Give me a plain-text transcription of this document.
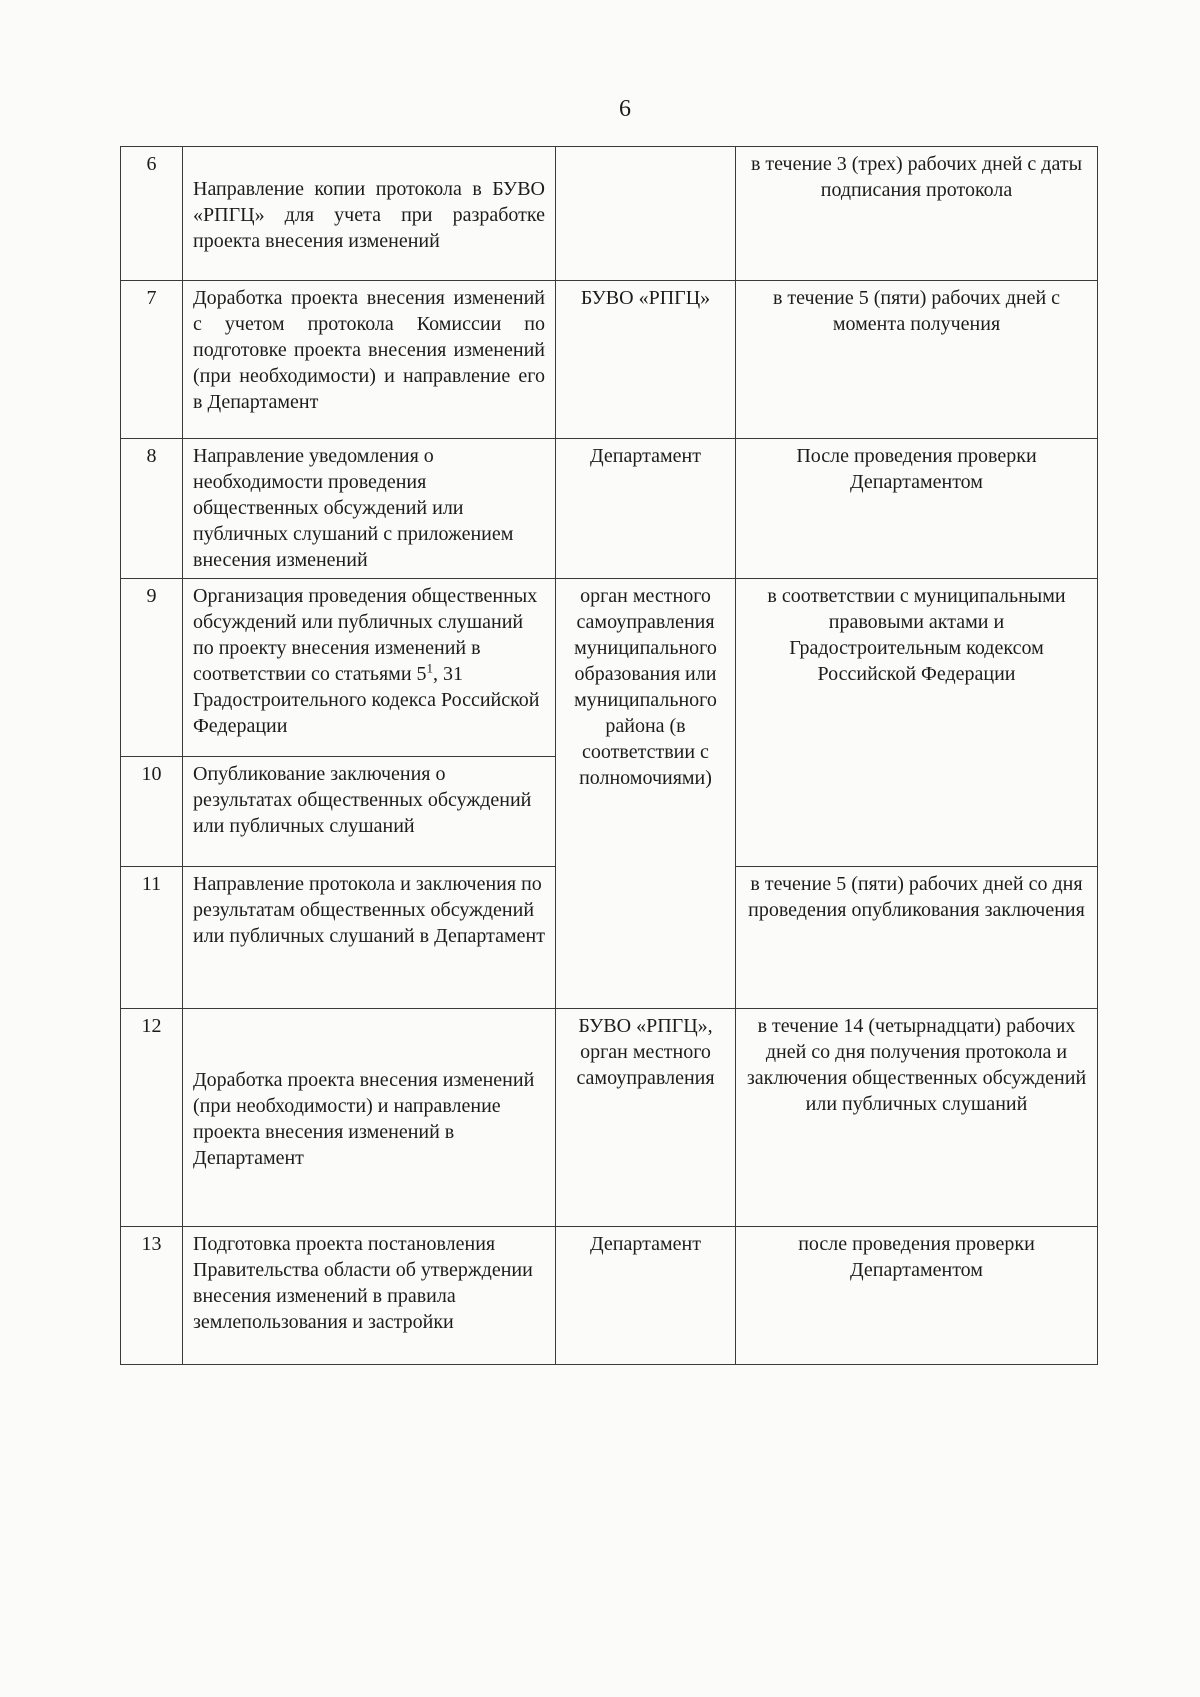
6
6	Направление копии протокола в БУВО «РПГЦ» для учета при разработке проекта внесения изменений		в течение 3 (трех) рабочих дней с даты подписания протокола
7	Доработка проекта внесения изменений с учетом протокола Комиссии по подготовке проекта внесения изменений (при необходимости) и направление его в Департамент	БУВО «РПГЦ»	в течение 5 (пяти) рабочих дней с момента получения
8	Направление уведомления о необходимости проведения общественных обсуждений или публичных слушаний с приложением внесения изменений	Департамент	После проведения проверки Департаментом
9	Организация проведения общественных обсуждений или публичных слушаний по проекту внесения изменений в соответствии со статьями $5^1$, 31 Градостроительного кодекса Российской Федерации	орган местного самоуправления муниципального образования или муниципального района (в соответствии с полномочиями)	в соответствии с муниципальными правовыми актами и Градостроительным кодексом Российской Федерации
10	Опубликование заключения о результатах общественных обсуждений или публичных слушаний		
11	Направление протокола и заключения по результатам общественных обсуждений или публичных слушаний в Департамент		в течение 5 (пяти) рабочих дней со дня проведения опубликования заключения
12	Доработка проекта внесения изменений (при необходимости) и направление проекта внесения изменений в Департамент	БУВО «РПГЦ», орган местного самоуправления	в течение 14 (четырнадцати) рабочих дней со дня получения протокола и заключения общественных обсуждений или публичных слушаний
13	Подготовка проекта постановления Правительства области об утверждении внесения изменений в правила землепользования и застройки	Департамент	после проведения проверки Департаментом
